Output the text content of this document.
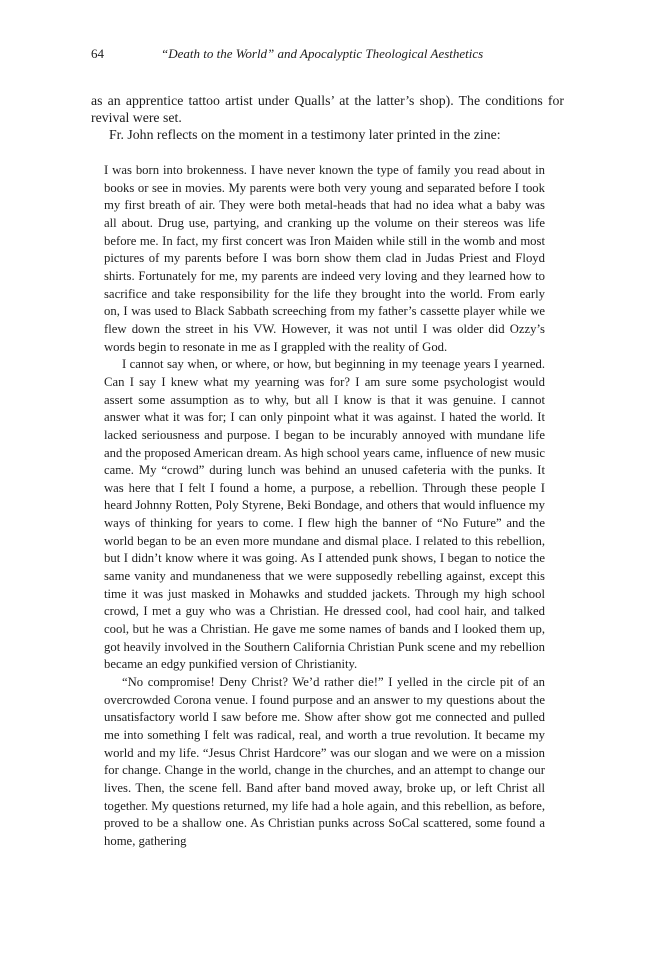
64	“Death to the World” and Apocalyptic Theological Aesthetics

as an apprentice tattoo artist under Qualls’ at the latter’s shop). The conditions for revival were set.

Fr. John reflects on the moment in a testimony later printed in the zine:

I was born into brokenness. I have never known the type of family you read about in books or see in movies. My parents were both very young and separated before I took my first breath of air. They were both metal-heads that had no idea what a baby was all about. Drug use, partying, and cranking up the volume on their stereos was life before me. In fact, my first concert was Iron Maiden while still in the womb and most pictures of my parents before I was born show them clad in Judas Priest and Floyd shirts. Fortunately for me, my parents are indeed very loving and they learned how to sacrifice and take responsibility for the life they brought into the world. From early on, I was used to Black Sabbath screeching from my father’s cassette player while we flew down the street in his VW. However, it was not until I was older did Ozzy’s words begin to resonate in me as I grappled with the reality of God.

I cannot say when, or where, or how, but beginning in my teenage years I yearned. Can I say I knew what my yearning was for? I am sure some psychologist would assert some assumption as to why, but all I know is that it was genuine. I cannot answer what it was for; I can only pinpoint what it was against. I hated the world. It lacked seriousness and purpose. I began to be incurably annoyed with mundane life and the proposed American dream. As high school years came, influence of new music came. My “crowd” during lunch was behind an unused cafeteria with the punks. It was here that I felt I found a home, a purpose, a rebellion. Through these people I heard Johnny Rotten, Poly Styrene, Beki Bondage, and others that would influence my ways of thinking for years to come. I flew high the banner of “No Future” and the world began to be an even more mundane and dismal place. I related to this rebellion, but I didn’t know where it was going. As I attended punk shows, I began to notice the same vanity and mundaneness that we were supposedly rebelling against, except this time it was just masked in Mohawks and studded jackets. Through my high school crowd, I met a guy who was a Christian. He dressed cool, had cool hair, and talked cool, but he was a Christian. He gave me some names of bands and I looked them up, got heavily involved in the Southern California Christian Punk scene and my rebellion became an edgy punkified version of Christianity.

“No compromise! Deny Christ? We’d rather die!” I yelled in the circle pit of an overcrowded Corona venue. I found purpose and an answer to my questions about the unsatisfactory world I saw before me. Show after show got me connected and pulled me into something I felt was radical, real, and worth a true revolution. It became my world and my life. “Jesus Christ Hardcore” was our slogan and we were on a mission for change. Change in the world, change in the churches, and an attempt to change our lives. Then, the scene fell. Band after band moved away, broke up, or left Christ all together. My questions returned, my life had a hole again, and this rebellion, as before, proved to be a shallow one. As Christian punks across SoCal scattered, some found a home, gathering
